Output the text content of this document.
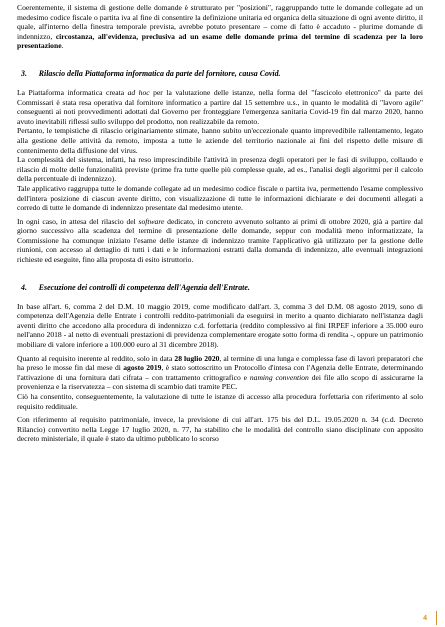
Coerentemente, il sistema di gestione delle domande è strutturato per "posizioni", raggruppando tutte le domande collegate ad un medesimo codice fiscale o partita iva al fine di consentire la definizione unitaria ed organica della situazione di ogni avente diritto, il quale, all'interno della finestra temporale prevista, avrebbe potuto presentare – come di fatto è accaduto - plurime domande di indennizzo, circostanza, all'evidenza, preclusiva ad un esame delle domande prima del termine di scadenza per la loro presentazione.

3.      Rilascio della Piattaforma informatica da parte del fornitore, causa Covid.

La Piattaforma informatica creata ad hoc per la valutazione delle istanze, nella forma del "fascicolo elettronico" da parte dei Commissari è stata resa operativa dal fornitore informatico a partire dal 15 settembre u.s., in quanto le modalità di "lavoro agile" conseguenti ai noti provvedimenti adottati dal Governo per fronteggiare l'emergenza sanitaria Covid-19 fin dal marzo 2020, hanno avuto inevitabili riflessi sullo sviluppo del prodotto, non realizzabile da remoto.

Pertanto, le tempistiche di rilascio originariamente stimate, hanno subito un'eccezionale quanto imprevedibile rallentamento, legato alla gestione delle attività da remoto, imposta a tutte le aziende del territorio nazionale ai fini del rispetto delle misure di contenimento della diffusione del virus.

La complessità del sistema, infatti, ha reso imprescindibile l'attività in presenza degli operatori per le fasi di sviluppo, collaudo e rilascio di molte delle funzionalità previste (prime fra tutte quelle più complesse quale, ad es., l'analisi degli algoritmi per il calcolo della percentuale di indennizzo).

Tale applicativo raggruppa tutte le domande collegate ad un medesimo codice fiscale o partita iva, permettendo l'esame complessivo dell'intera posizione di ciascun avente diritto, con visualizzazione di tutte le informazioni dichiarate e dei documenti allegati a corredo di tutte le domande di indennizzo presentate dal medesimo utente.

In ogni caso, in attesa del rilascio del software dedicato, in concreto avvenuto soltanto ai primi di ottobre 2020, già a partire dal giorno successivo alla scadenza del termine di presentazione delle domande, seppur con modalità meno informatizzate, la Commissione ha comunque iniziato l'esame delle istanze di indennizzo tramite l'applicativo già utilizzato per la gestione delle riunioni, con accesso al dettaglio di tutti i dati e le informazioni estratti dalla domanda di indennizzo, alle eventuali integrazioni richieste ed eseguite, fino alla proposta di esito istruttorio.

4.      Esecuzione dei controlli di competenza dell'Agenzia dell'Entrate.

In base all'art. 6, comma 2 del D.M. 10 maggio 2019, come modificato dall'art. 3, comma 3 del D.M. 08 agosto 2019, sono di competenza dell'Agenzia delle Entrate i controlli reddito-patrimoniali da eseguirsi in merito a quanto dichiarato nell'istanza dagli aventi diritto che accedono alla procedura di indennizzo c.d. forfettaria (reddito complessivo ai fini IRPEF inferiore a 35.000 euro nell'anno 2018 - al netto di eventuali prestazioni di previdenza complementare erogate sotto forma di rendita -, oppure un patrimonio mobiliare di valore inferiore a 100.000 euro al 31 dicembre 2018).

Quanto al requisito inerente al reddito, solo in data 28 luglio 2020, al termine di una lunga e complessa fase di lavori preparatori che ha preso le mosse fin dal mese di agosto 2019, è stato sottoscritto un Protocollo d'intesa con l'Agenzia delle Entrate, determinando l'attivazione di una fornitura dati cifrata – con trattamento crittografico e naming convention dei file allo scopo di assicurarne la provenienza e la riservatezza – con sistema di scambio dati tramite PEC.

Ciò ha consentito, conseguentemente, la valutazione di tutte le istanze di accesso alla procedura forfettaria con riferimento al solo requisito reddituale.

Con riferimento al requisito patrimoniale, invece, la previsione di cui all'art. 175 bis del D.L. 19.05.2020 n. 34 (c.d. Decreto Rilancio) convertito nella Legge 17 luglio 2020, n. 77, ha stabilito che le modalità del controllo siano disciplinate con apposito decreto ministeriale, il quale è stato da ultimo pubblicato lo scorso

4
